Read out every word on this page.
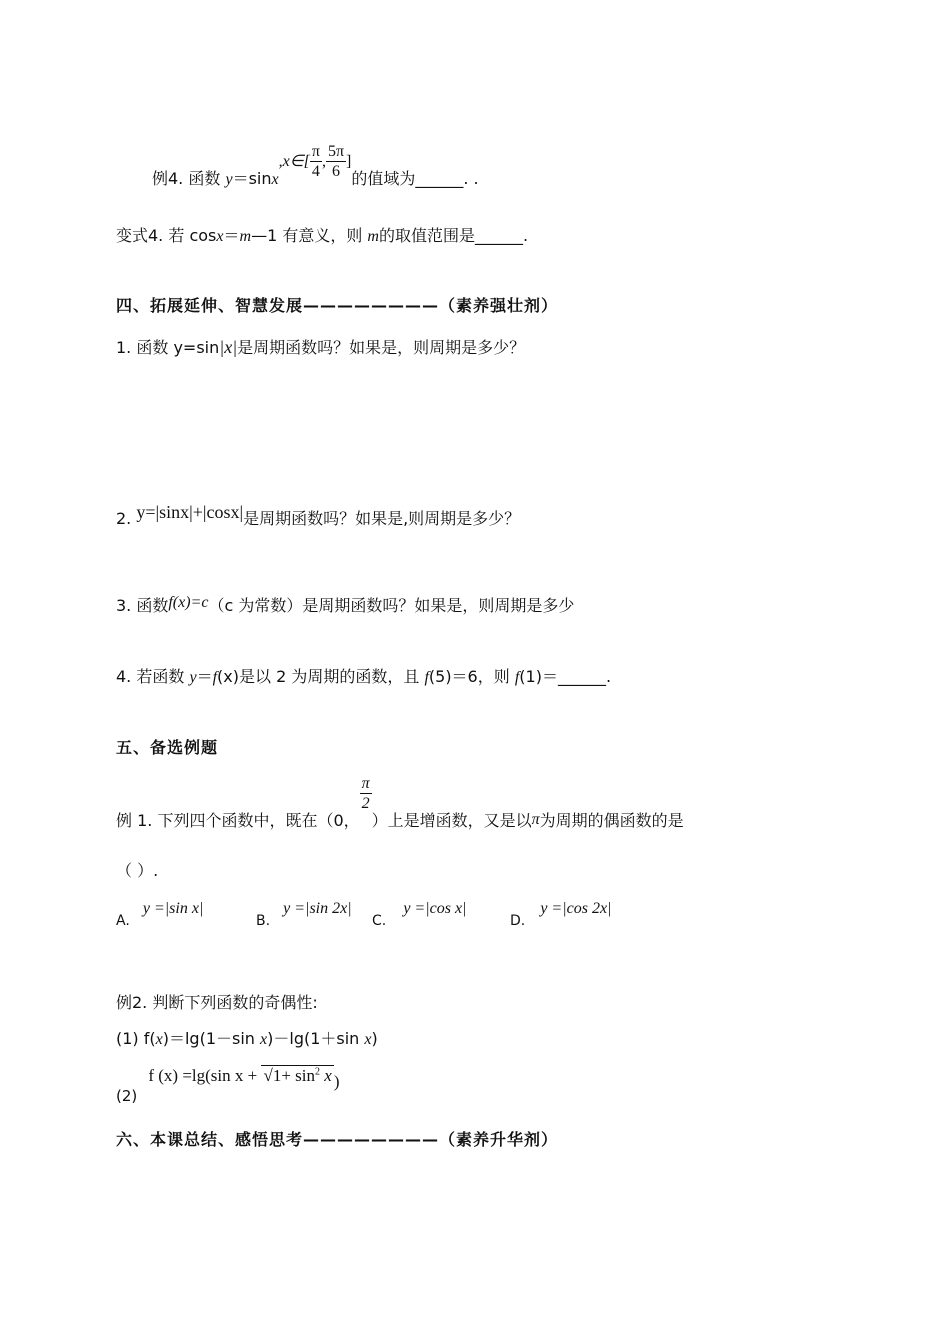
例4. 函数 y＝sinx,x∈[ $\frac{\pi}{4}$ , $\frac{5\pi}{6}$ ]的值域为______. .
变式4. 若 cosx＝m—1 有意义，则 m的取值范围是______.
四、拓展延伸、智慧发展————————（素养强壮剂）
1. 函数 y=sin|x|是周期函数吗？如果是，则周期是多少？
2. y=|sinx|+|cosx|是周期函数吗？如果是,则周期是多少？
3. 函数f(x)=c（c 为常数）是周期函数吗？如果是，则周期是多少
4. 若函数 y＝f(x)是以 2 为周期的函数，且 f(5)＝6，则 f(1)＝______.
五、备选例题
例 1. 下列四个函数中，既在（0，
$\frac{\pi}{2}$
）上是增函数，又是以π为周期的偶函数的是
（ ）.
A. y =|sin x|
B. y =|sin 2x|
C. y =|cos x|
D. y =|cos 2x|
例2. 判断下列函数的奇偶性:
(1) f(x)＝lg(1－sin x)－lg(1＋sin x)
(2) f (x) =lg(sin $x + √1+ \sin^2 x$ )
六、本课总结、感悟思考————————（素养升华剂）
